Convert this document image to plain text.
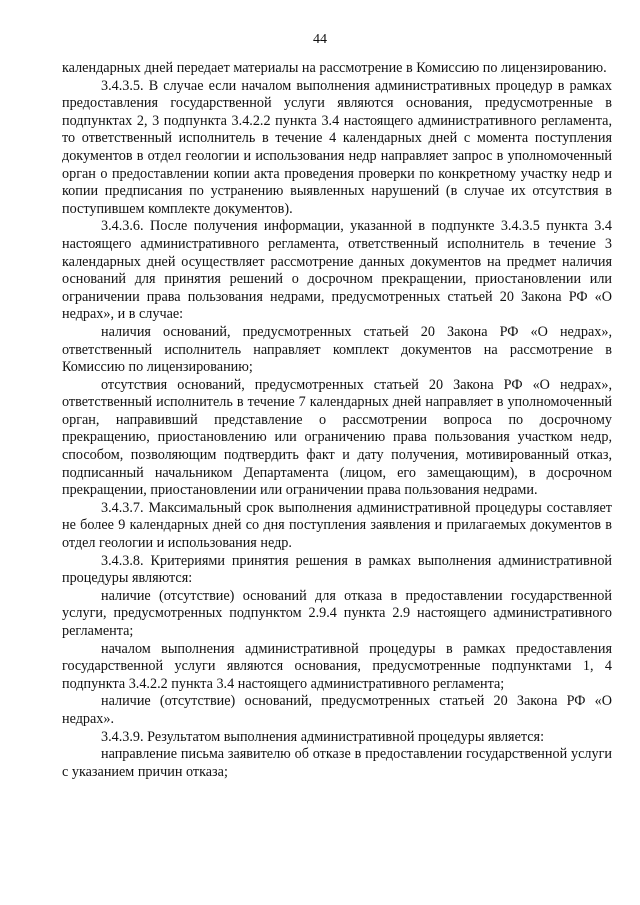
44

календарных дней передает материалы на рассмотрение в Комиссию по лицензированию.

3.4.3.5. В случае если началом выполнения административных процедур в рамках предоставления государственной услуги являются основания, предусмотренные в подпунктах 2, 3 подпункта 3.4.2.2 пункта 3.4 настоящего административного регламента, то ответственный исполнитель в течение 4 календарных дней с момента поступления документов в отдел геологии и использования недр направляет запрос в уполномоченный орган о предоставлении копии акта проведения проверки по конкретному участку недр и копии предписания по устранению выявленных нарушений (в случае их отсутствия в поступившем комплекте документов).

3.4.3.6. После получения информации, указанной в подпункте 3.4.3.5 пункта 3.4 настоящего административного регламента, ответственный исполнитель в течение 3 календарных дней осуществляет рассмотрение данных документов на предмет наличия оснований для принятия решений о досрочном прекращении, приостановлении или ограничении права пользования недрами, предусмотренных статьей 20 Закона РФ «О недрах», и в случае:

наличия оснований, предусмотренных статьей 20 Закона РФ «О недрах», ответственный исполнитель направляет комплект документов на рассмотрение в Комиссию по лицензированию;

отсутствия оснований, предусмотренных статьей 20 Закона РФ «О недрах», ответственный исполнитель в течение 7 календарных дней направляет в уполномоченный орган, направивший представление о рассмотрении вопроса по досрочному прекращению, приостановлению или ограничению права пользования участком недр, способом, позволяющим подтвердить факт и дату получения, мотивированный отказ, подписанный начальником Департамента (лицом, его замещающим), в досрочном прекращении, приостановлении или ограничении права пользования недрами.

3.4.3.7. Максимальный срок выполнения административной процедуры составляет не более 9 календарных дней со дня поступления заявления и прилагаемых документов в отдел геологии и использования недр.

3.4.3.8. Критериями принятия решения в рамках выполнения административной процедуры являются:

наличие (отсутствие) оснований для отказа в предоставлении государственной услуги, предусмотренных подпунктом 2.9.4 пункта 2.9 настоящего административного регламента;

началом выполнения административной процедуры в рамках предоставления государственной услуги являются основания, предусмотренные подпунктами 1, 4 подпункта 3.4.2.2 пункта 3.4 настоящего административного регламента;

наличие (отсутствие) оснований, предусмотренных статьей 20 Закона РФ «О недрах».

3.4.3.9. Результатом выполнения административной процедуры является:

направление письма заявителю об отказе в предоставлении государственной услуги с указанием причин отказа;
